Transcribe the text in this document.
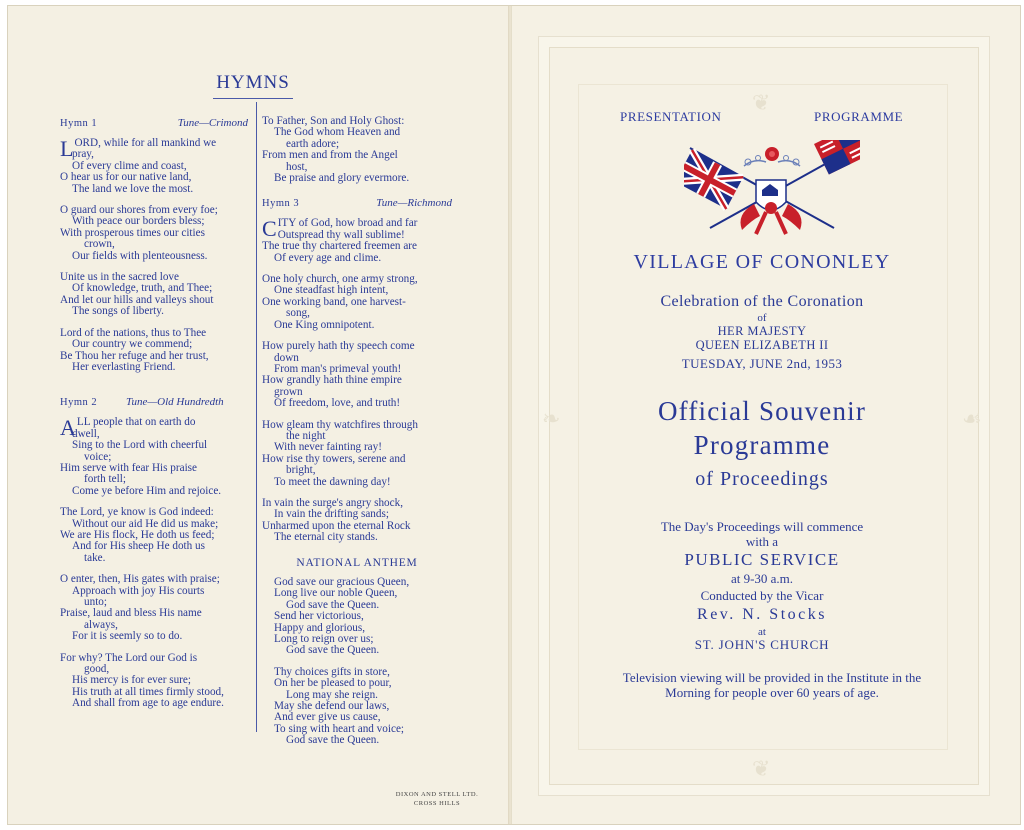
HYMNS
Hymn 1	Tune—Crimond
L ORD, while for all mankind we
pray,
Of every clime and coast,
O hear us for our native land,
The land we love the most.
O guard our shores from every foe;
With peace our borders bless;
With prosperous times our cities
crown,
Our fields with plenteousness.
Unite us in the sacred love
Of knowledge, truth, and Thee;
And let our hills and valleys shout
The songs of liberty.
Lord of the nations, thus to Thee
Our country we commend;
Be Thou her refuge and her trust,
Her everlasting Friend.
Hymn 2	Tune—Old Hundredth
A LL people that on earth do
dwell,
Sing to the Lord with cheerful
voice;
Him serve with fear His praise
forth tell;
Come ye before Him and rejoice.
The Lord, ye know is God indeed:
Without our aid He did us make;
We are His flock, He doth us feed;
And for His sheep He doth us
take.
O enter, then, His gates with praise;
Approach with joy His courts
unto;
Praise, laud and bless His name
always,
For it is seemly so to do.
For why? The Lord our God is
good,
His mercy is for ever sure;
His truth at all times firmly stood,
And shall from age to age endure.
To Father, Son and Holy Ghost:
The God whom Heaven and
earth adore;
From men and from the Angel
host,
Be praise and glory evermore.
Hymn 3	Tune—Richmond
C ITY of God, how broad and far
Outspread thy wall sublime!
The true thy chartered freemen are
Of every age and clime.
One holy church, one army strong,
One steadfast high intent,
One working band, one harvest-
song,
One King omnipotent.
How purely hath thy speech come
down
From man's primeval youth!
How grandly hath thine empire
grown
Of freedom, love, and truth!
How gleam thy watchfires through
the night
With never fainting ray!
How rise thy towers, serene and
bright,
To meet the dawning day!
In vain the surge's angry shock,
In vain the drifting sands;
Unharmed upon the eternal Rock
The eternal city stands.
NATIONAL ANTHEM
God save our gracious Queen,
Long live our noble Queen,
God save the Queen.
Send her victorious,
Happy and glorious,
Long to reign over us;
God save the Queen.
Thy choices gifts in store,
On her be pleased to pour,
Long may she reign.
May she defend our laws,
And ever give us cause,
To sing with heart and voice;
God save the Queen.
DIXON AND STELL LTD.
CROSS HILLS
❦
❧	☙
❦
PRESENTATION	PROGRAMME
VILLAGE OF CONONLEY
Celebration of the Coronation
of
HER MAJESTY
QUEEN ELIZABETH II
TUESDAY, JUNE 2nd, 1953
Official Souvenir
Programme
of Proceedings
The Day's Proceedings will commence
with a
PUBLIC SERVICE
at 9-30 a.m.
Conducted by the Vicar
Rev. N. Stocks
at
ST. JOHN'S CHURCH
Television viewing will be provided in the Institute in the Morning for people over 60 years of age.
